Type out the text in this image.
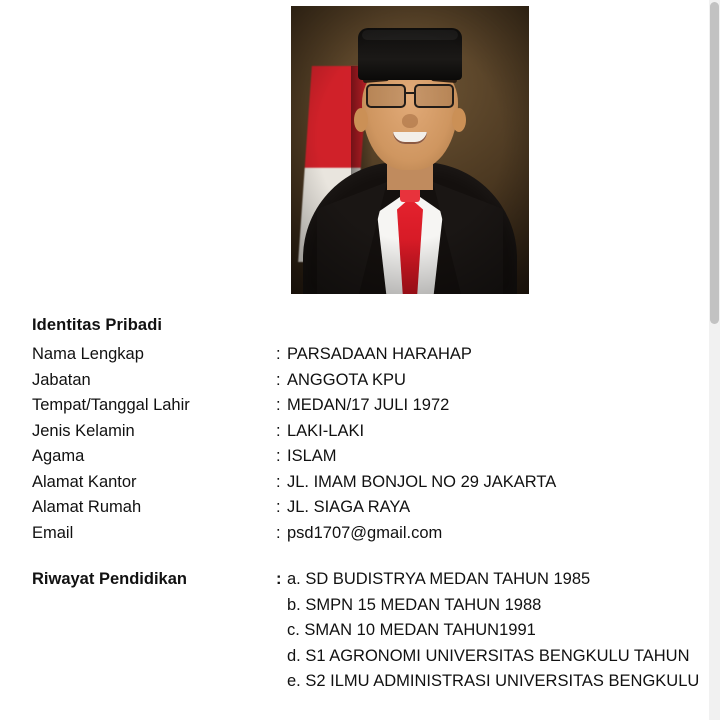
Identitas Pribadi
Nama Lengkap	: PARSADAAN HARAHAP
Jabatan	: ANGGOTA KPU
Tempat/Tanggal Lahir	: MEDAN/17 JULI 1972
Jenis Kelamin	: LAKI-LAKI
Agama	: ISLAM
Alamat Kantor	: JL. IMAM BONJOL NO 29 JAKARTA
Alamat Rumah	: JL. SIAGA RAYA
Email	: psd1707@gmail.com
Riwayat Pendidikan	: a. SD BUDISTRYA MEDAN TAHUN 1985
b. SMPN 15 MEDAN TAHUN 1988
c. SMAN 10 MEDAN TAHUN1991
d. S1 AGRONOMI UNIVERSITAS BENGKULU TAHUN
e. S2 ILMU ADMINISTRASI UNIVERSITAS BENGKULU
